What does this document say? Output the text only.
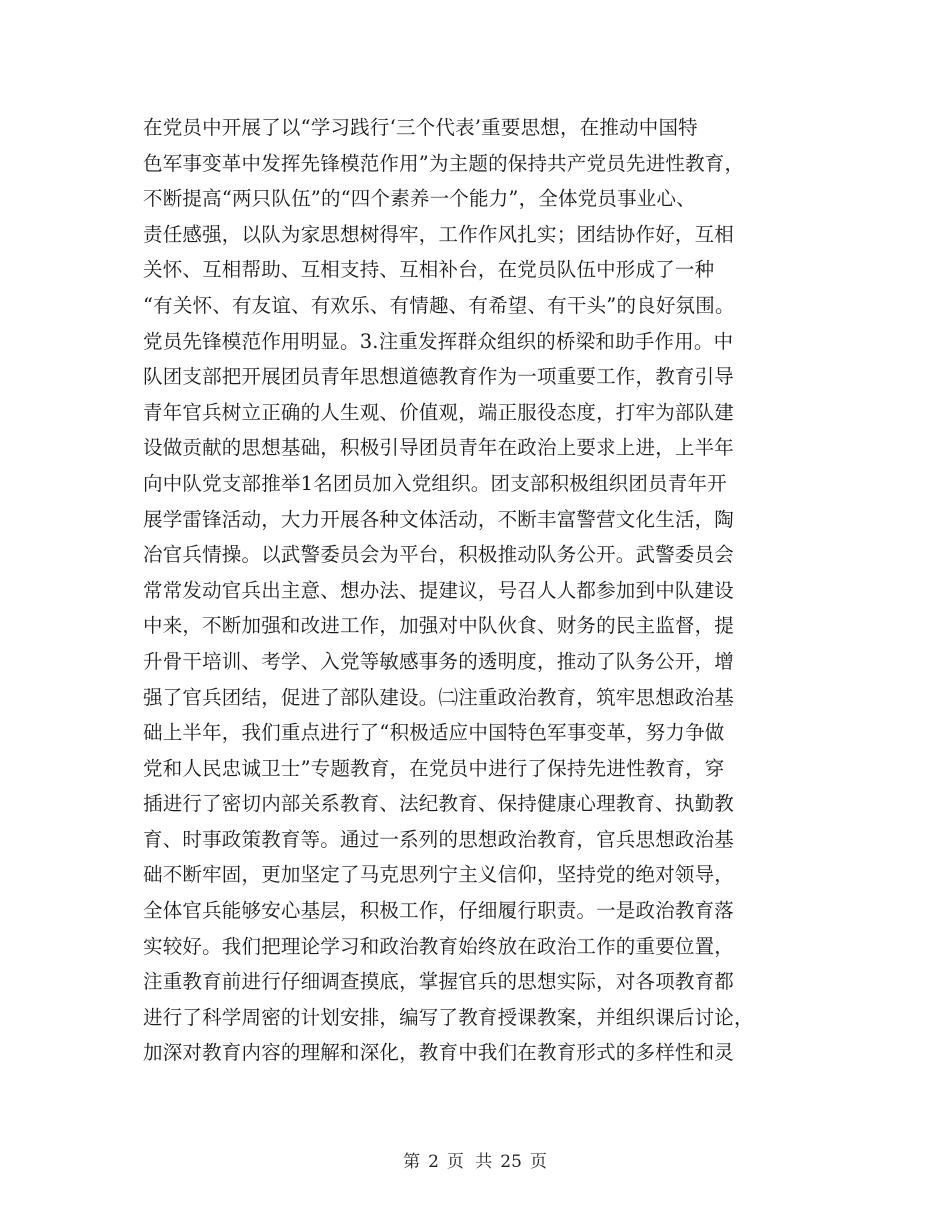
在党员中开展了以“学习践行‘三个代表’重要思想，在推动中国特
色军事变革中发挥先锋模范作用”为主题的保持共产党员先进性教育，
不断提高“两只队伍”的“四个素养一个能力”，全体党员事业心、
责任感强，以队为家思想树得牢，工作作风扎实；团结协作好，互相
关怀、互相帮助、互相支持、互相补台，在党员队伍中形成了一种
“有关怀、有友谊、有欢乐、有情趣、有希望、有干头”的良好氛围。
党员先锋模范作用明显。3.注重发挥群众组织的桥梁和助手作用。中
队团支部把开展团员青年思想道德教育作为一项重要工作，教育引导
青年官兵树立正确的人生观、价值观，端正服役态度，打牢为部队建
设做贡献的思想基础，积极引导团员青年在政治上要求上进，上半年
向中队党支部推举1名团员加入党组织。团支部积极组织团员青年开
展学雷锋活动，大力开展各种文体活动，不断丰富警营文化生活，陶
冶官兵情操。以武警委员会为平台，积极推动队务公开。武警委员会
常常发动官兵出主意、想办法、提建议，号召人人都参加到中队建设
中来，不断加强和改进工作，加强对中队伙食、财务的民主监督，提
升骨干培训、考学、入党等敏感事务的透明度，推动了队务公开，增
强了官兵团结，促进了部队建设。㈡注重政治教育，筑牢思想政治基
础上半年，我们重点进行了“积极适应中国特色军事变革，努力争做
党和人民忠诚卫士”专题教育，在党员中进行了保持先进性教育，穿
插进行了密切内部关系教育、法纪教育、保持健康心理教育、执勤教
育、时事政策教育等。通过一系列的思想政治教育，官兵思想政治基
础不断牢固，更加坚定了马克思列宁主义信仰，坚持党的绝对领导，
全体官兵能够安心基层，积极工作，仔细履行职责。一是政治教育落
实较好。我们把理论学习和政治教育始终放在政治工作的重要位置，
注重教育前进行仔细调查摸底，掌握官兵的思想实际，对各项教育都
进行了科学周密的计划安排，编写了教育授课教案，并组织课后讨论，
加深对教育内容的理解和深化，教育中我们在教育形式的多样性和灵
第 2 页 共 25 页
